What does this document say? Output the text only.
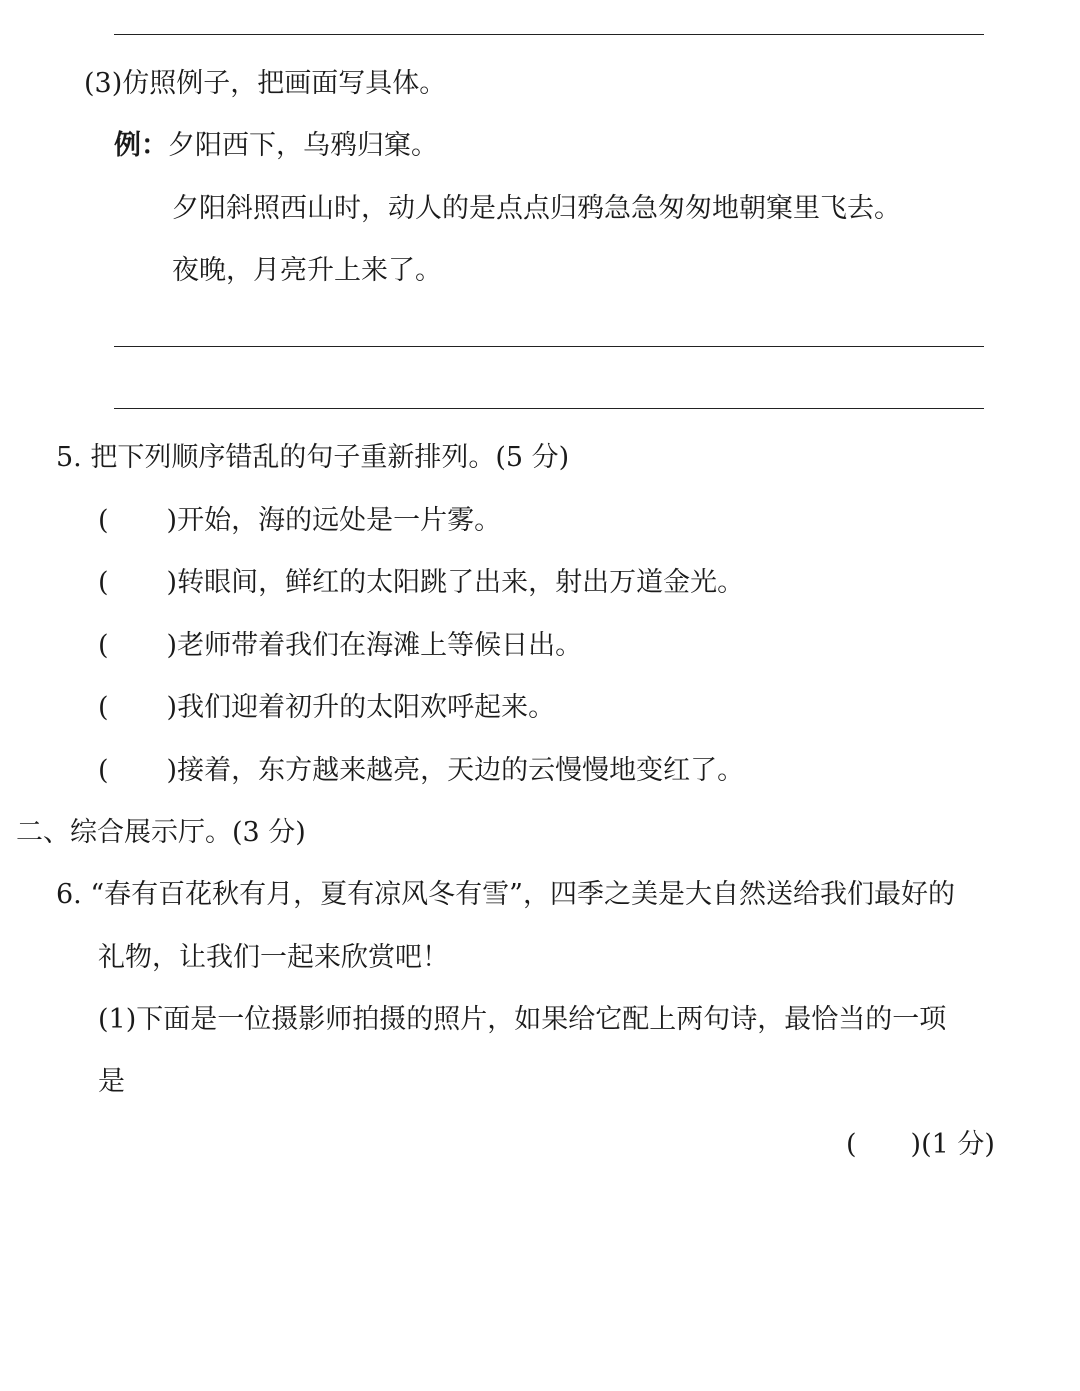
(3)仿照例子，把画面写具体。
例：夕阳西下，乌鸦归窠。
夕阳斜照西山时，动人的是点点归鸦急急匆匆地朝窠里飞去。
夜晚，月亮升上来了。
5. 把下列顺序错乱的句子重新排列。(5 分)
( )开始，海的远处是一片雾。
( )转眼间，鲜红的太阳跳了出来，射出万道金光。
( )老师带着我们在海滩上等候日出。
( )我们迎着初升的太阳欢呼起来。
( )接着，东方越来越亮，天边的云慢慢地变红了。
二、综合展示厅。(3 分)
6. “春有百花秋有月，夏有凉风冬有雪”，四季之美是大自然送给我们最好的
礼物，让我们一起来欣赏吧！
(1)下面是一位摄影师拍摄的照片，如果给它配上两句诗，最恰当的一项
是
( )(1 分)
